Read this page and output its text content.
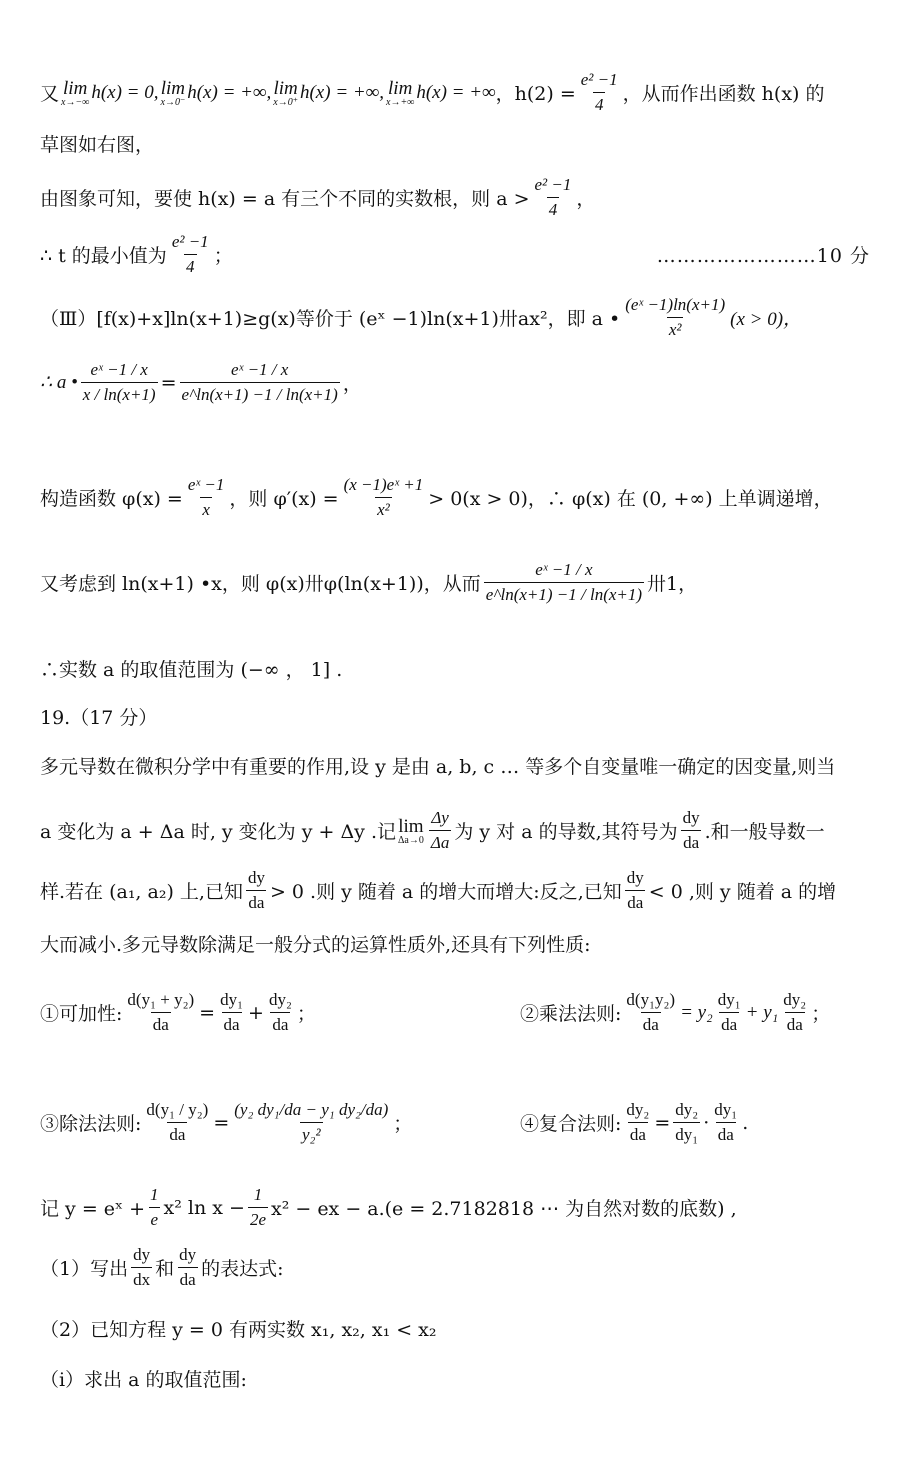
又 lim
x→−∞ h(x) = 0, lim
x→0⁻ h(x) = +∞, lim
x→0⁺ h(x) = +∞, lim
x→+∞ h(x) = +∞ ，$h(2) = \frac{\text{e² −1}}{4}$ ，从而作出函数 h(x) 的
草图如右图，
由图象可知，要使 h(x) = a 有三个不同的实数根，则 $a > \frac{\text{e² −1}}{4}$ ，
∴ t 的最小值为 $\frac{\text{e² −1}}{4}$ ；	……………………10 分
（Ⅲ）[f(x)+x]ln(x+1)≥g(x)等价于 (eˣ −1)ln(x+1)卅ax²，即 a • $\frac{\text{(eˣ −1)ln(x+1)}}{\text{x²}} (x > 0)$，
∴ a • $\frac{\text{eˣ −1 / x}}{x / \ln(x+1)} = \frac{\text{eˣ −1 / x}}{e\^{}\ln(x+1) -1 / \ln(x+1)}$ ，
构造函数 $\varphi(x) = \frac{\text{eˣ −1}}{x}$ ，则 $\varphi'(x) = \frac{\text{(x −1)eˣ +1}}{\text{x²}} > 0(x > 0)$，∴ φ(x) 在 (0, +∞) 上单调递增，
又考虑到 ln(x+1) •x，则 φ(x)卅φ(ln(x+1))，从而 $\frac{\text{eˣ −1 / x}}{e\^{}\ln(x+1) -1 / \ln(x+1)}$ 卅1，
∴实数 a 的取值范围为 (−∞ ， 1] .
19.（17 分）
多元导数在微积分学中有重要的作用,设 y 是由 a, b, c … 等多个自变量唯一确定的因变量,则当
a 变化为 a + Δa 时, y 变化为 y + Δy .记 lim
$\Delta a\to 0 \frac{\Delta y}{\Delta a}$ 为 y 对 a 的导数,其符号为 $\frac{dy}{da}$ .和一般导数一
样.若在 (a₁, a₂) 上,已知 $\frac{dy}{da} > 0$ .则 y 随着 a 的增大而增大:反之,已知 $\frac{dy}{da} < 0$ ,则 y 随着 a 的增
大而减小.多元导数除满足一般分式的运算性质外,还具有下列性质:
①可加性: $\frac{\text{d(y₁ + y₂)}}{da} = \frac{\text{dy₁}}{da} + \frac{\text{dy₂}}{da}$ ；	②乘法法则: $\frac{\text{d(y₁y₂)}}{da} = y_2 \frac{\text{dy₁}}{da} + y_1 \frac{\text{dy₂}}{da}$ ；
③除法法则: $\frac{\text{d(y₁ / y₂)}}{da} = \frac{\text{(y₂ dy₁/da − y₁ dy₂/da)}}{\text{y₂²}}$ ；	④复合法则: $\frac{\text{dy₂}}{da} = \frac{\text{dy₂}}{\text{dy₁}} \cdot \frac{\text{dy₁}}{da}$ .
记 y = eˣ + $\frac{1}{e} x^2$ $\ln x - \frac{1}{2e} x^2$ − ex − a.(e = 2.7182818 ⋯ 为自然对数的底数) ,
（1）写出 $\frac{dy}{dx}$ 和 $\frac{dy}{da}$ 的表达式:
（2）已知方程 y = 0 有两实数 x₁, x₂, x₁ < x₂
（i）求出 a 的取值范围:
